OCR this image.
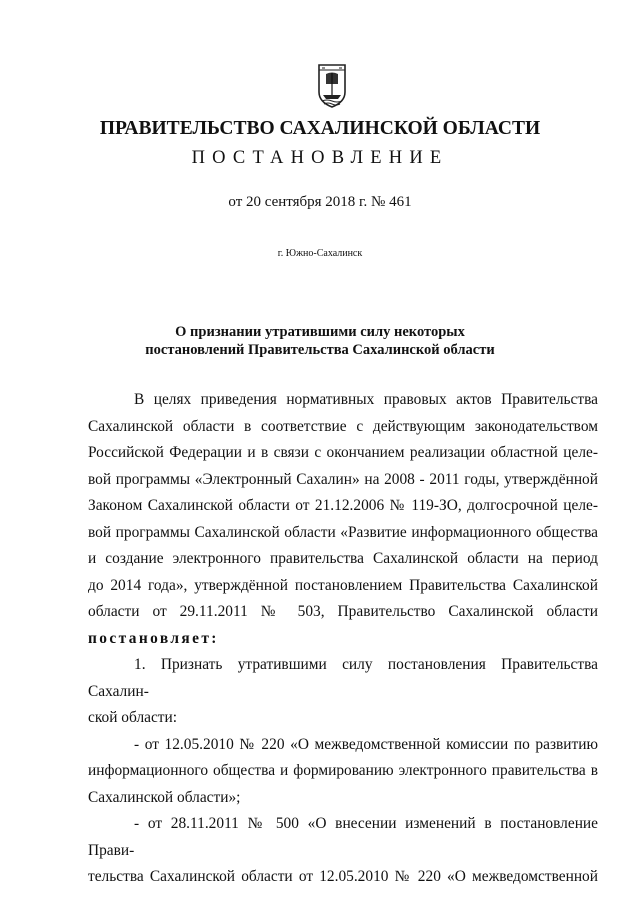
ПРАВИТЕЛЬСТВО САХАЛИНСКОЙ ОБЛАСТИ
ПОСТАНОВЛЕНИЕ
от 20 сентября 2018 г. № 461
г. Южно-Сахалинск
О признании утратившими силу некоторых
постановлений Правительства Сахалинской области

В целях приведения нормативных правовых актов Правительства

Сахалинской области в соответствие с действующим законодательством

Российской Федерации и в связи с окончанием реализации областной целе-

вой программы «Электронный Сахалин» на 2008 - 2011 годы, утверждённой

Законом Сахалинской области от 21.12.2006 № 119-ЗО, долгосрочной целе-

вой программы Сахалинской области «Развитие информационного общества

и создание электронного правительства Сахалинской области на период

до 2014 года», утверждённой постановлением Правительства Сахалинской

области от 29.11.2011 № 503, Правительство Сахалинской области

постановляет:

1. Признать утратившими силу постановления Правительства Сахалин-

ской области:

- от 12.05.2010 № 220 «О межведомственной комиссии по развитию

информационного общества и формированию электронного правительства в

Сахалинской области»;

- от 28.11.2011 № 500 «О внесении изменений в постановление Прави-

тельства Сахалинской области от 12.05.2010 № 220 «О межведомственной
